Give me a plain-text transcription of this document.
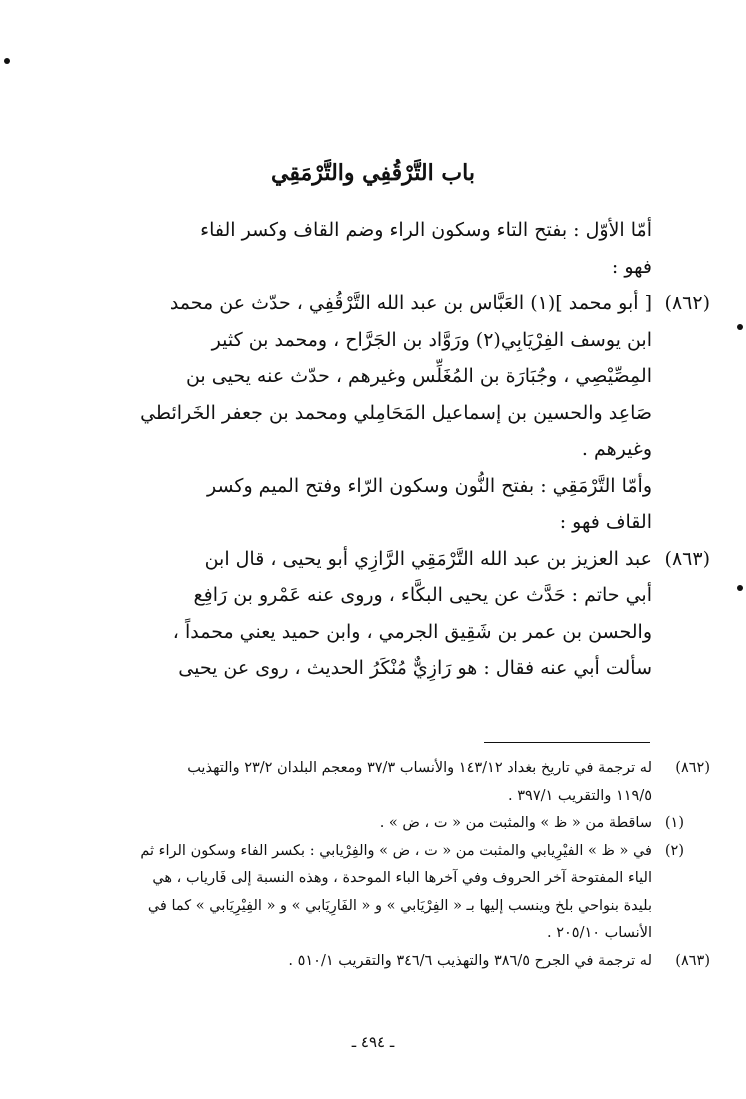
باب التَّرْقُفِي والتَّرْمَقِي

أمّا الأوّل : بفتح التاء وسكون الراء وضم القاف وكسر الفاء

فهو :

(٨٦٢)

[ أبو محمد ](١) العَبَّاس بن عبد الله التَّرْقُفِي ، حدّث عن محمد

ابن يوسف الفِرْيَابِي(٢) ورَوَّاد بن الجَرَّاح ، ومحمد بن كثير

المِصِّيْصِي ، وجُبَارَة بن المُغَلِّس وغيرهم ، حدّث عنه يحيى بن

صَاعِد والحسين بن إسماعيل المَحَامِلي ومحمد بن جعفر الخَرائطي

وغيرهم .

وأمّا التَّرْمَقِي : بفتح النُّون وسكون الرّاء وفتح الميم وكسر

القاف فهو :

(٨٦٣)

عبد العزيز بن عبد الله التَّرْمَقِي الرَّازِي أبو يحيى ، قال ابن

أبي حاتم : حَدَّث عن يحيى البكَّاء ، وروى عنه عَمْرو بن رَافِع

والحسن بن عمر بن شَقِيق الجرمي ، وابن حميد يعني محمداً ،

سألت أبي عنه فقال : هو رَازِيٌّ مُنْكَرُ الحديث ، روى عن يحيى

(٨٦٢)

له ترجمة في تاريخ بغداد ١٤٣/١٢ والأنساب ٣٧/٣ ومعجم البلدان ٢٣/٢ والتهذيب

١١٩/٥ والتقريب ٣٩٧/١ .

(١)

ساقطة من « ظ » والمثبت من « ت ، ض » .

(٢)

في « ظ » الفيْرِيابي والمثبت من « ت ، ض » والفِرْيابي : بكسر الفاء وسكون الراء ثم

الياء المفتوحة آخر الحروف وفي آخرها الباء الموحدة ، وهذه النسبة إلى فَارياب ، هي

بليدة بنواحي بلخ وينسب إليها بـ « الفِرْيَابي » و « الفَارِيَابي » و « الفِيْرِيَابي » كما في

الأنساب ٢٠٥/١٠ .

(٨٦٣)

له ترجمة في الجرح ٣٨٦/٥ والتهذيب ٣٤٦/٦ والتقريب ٥١٠/١ .

ـ ٤٩٤ ـ
